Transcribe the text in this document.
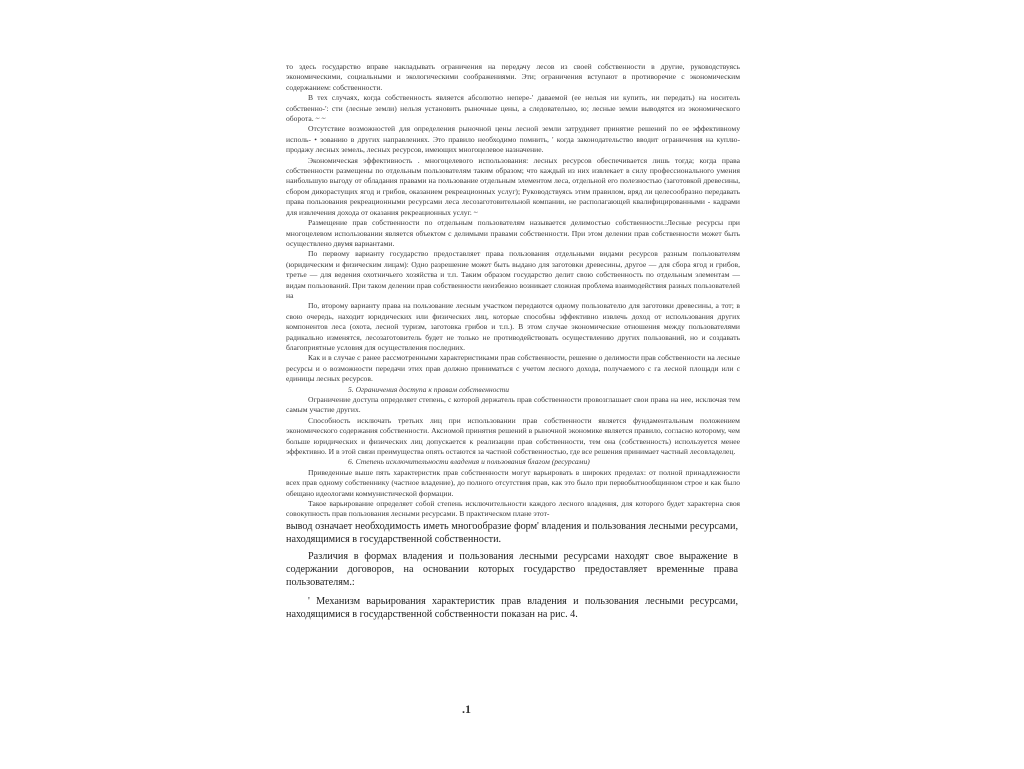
то здесь государство вправе накладывать ограничения на передачу лесов из своей собственности в другие, руководствуясь экономическими, социальными и экологическими соображениями. Эти; ограничения вступают в противоречие с экономическим содержанием: собственности.

В тех случаях, когда собственность является абсолютно непере-' даваемой (ее нельзя ни купить, ни передать) на носитель собственно-': сти (лесные земли) нельзя установить рыночные цены, а следовательно, ю; лесные земли выводятся из экономического оборота. ~ ~

Отсутствие возможностей для определения рыночной цены лесной земли затрудняет принятие решений по ее эффективному исполь- • зованию в других направлениях. Это правило необходимо помнить, ' когда законодательство вводит ограничения на куплю-продажу лесных земель, лесных ресурсов, имеющих многоцелевое назначение.

Экономическая эффективность . многоцелевого использования: лесных ресурсов обеспечивается лишь тогда; когда права собственности размещены по отдельным пользователям таким образом; что каждый из них извлекает в силу профессионального умения наибольшую выгоду от обладания правами на пользование отдельным элементом леса, отдельной его полезностью (заготовкой древесины, сбором дикорастущих ягод и грибов, оказанием рекреационных услуг); Руководствуясь этим правилом, вряд ли целесообразно передавать права пользования рекреационными ресурсами леса лесозаготовительной компании, не располагающей квалифицированными - кадрами для извлечения дохода от оказания рекреационных услуг. ~

Размещение прав собственности по отдельным пользователям называется делимостью собственности.:Лесные ресурсы при многоцелевом использовании является объектом с делимыми правами собственности. При этом делении прав собственности может быть осуществлено двумя вариантами.

По первому варианту государство предоставляет права пользования отдельными видами ресурсов разным пользователям (юридическим и физическим лицам): Одно разрешение может быть выдано для заготовки древесины, другое — для сбора ягод и грибов, третье — для ведения охотничьего хозяйства и т.п. Таким образом государство делит свою собственность по отдельным элементам — видам пользований. При таком делении прав собственности неизбежно возникает сложная проблема взаимодействия разных пользователей на

По, второму варианту права на пользование лесным участком передаются одному пользователю для заготовки древесины, а тот; в свою очередь, находит юридических или физических лиц, которые способны эффективно извлечь доход от использования других компонентов леса (охота, лесной туризм, заготовка грибов и т.п.). В этом случае экономические отношения между пользователями радикально изменятся, лесозаготовитель будет не только не противодействовать осуществлению других пользований, но и создавать благоприятные условия для осуществления последних.

Как и в случае с ранее рассмотренными характеристиками прав собственности, решение о делимости прав собственности на лесные ресурсы и о возможности передачи этих прав должно приниматься с учетом лесного дохода, получаемого с га лесной площади или с единицы лесных ресурсов.

5. Ограничения доступа к правам собственности

Ограничение доступа определяет степень, с которой держатель прав собственности провозглашает свои права на нее, исключая тем самым участие других.

Способность исключать третьих лиц при использовании прав собственности является фундаментальным положением экономического содержания собственности. Аксиомой принятия решений в рыночной экономике является правило, согласно которому, чем больше юридических и физических лиц допускается к реализации прав собственности, тем она (собственность) используется менее эффективно. И в этой связи преимущества опять остаются за частной собственностью, где все решения принимает частный лесовладелец.

6. Степень исключительности владения и пользования благом (ресурсами)

Приведенные выше пять характеристик прав собственности могут варьировать в широких пределах: от полной принадлежности всех прав одному собственнику (частное владение), до полного отсутствия прав, как это было при первобытнообщинном строе и как было обещано идеологами коммунистической формации.

Такое варьирование определяет собой степень исключительности каждого лесного владения, для которого будет характерна своя совокупность прав пользования лесными ресурсами. В практическом плане этот-

вывод означает необходимость иметь многообразие форм' владения и пользования лесными ресурсами, находящимися в государственной собственности.

Различия в формах владения и пользования лесными ресурсами находят свое выражение в содержании договоров, на основании которых государство предоставляет временные права пользователям.:

' Механизм варьирования характеристик прав владения и пользования лесными ресурсами, находящимися в государственной собственности показан на рис. 4.

.1
